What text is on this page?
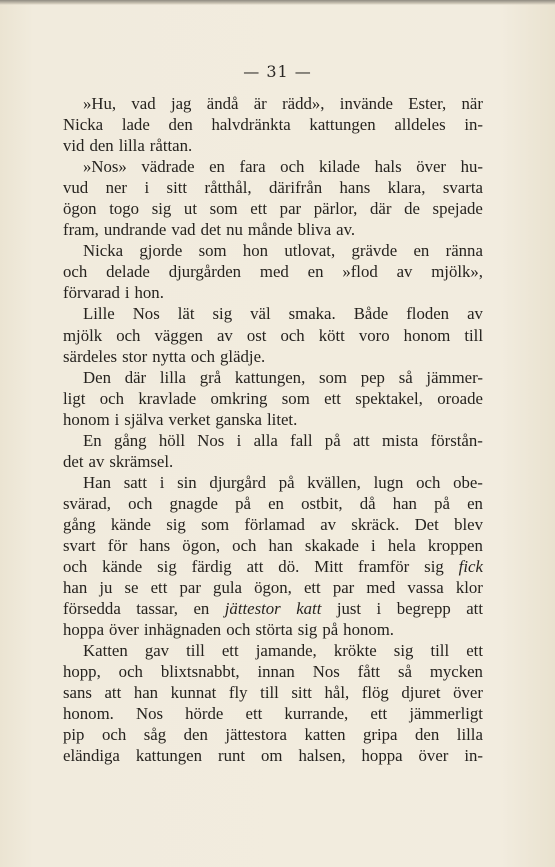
— 31 —
»Hu, vad jag ändå är rädd», invände Ester, när
Nicka lade den halvdränkta kattungen alldeles in-
vid den lilla råttan.
»Nos» vädrade en fara och kilade hals över hu-
vud ner i sitt råtthål, därifrån hans klara, svarta
ögon togo sig ut som ett par pärlor, där de spejade
fram, undrande vad det nu månde bliva av.
Nicka gjorde som hon utlovat, grävde en ränna
och delade djurgården med en »flod av mjölk»,
förvarad i hon.
Lille Nos lät sig väl smaka. Både floden av
mjölk och väggen av ost och kött voro honom till
särdeles stor nytta och glädje.
Den där lilla grå kattungen, som pep så jämmer-
ligt och kravlade omkring som ett spektakel, oroade
honom i själva verket ganska litet.
En gång höll Nos i alla fall på att mista förstån-
det av skrämsel.
Han satt i sin djurgård på kvällen, lugn och obe-
svärad, och gnagde på en ostbit, då han på en
gång kände sig som förlamad av skräck. Det blev
svart för hans ögon, och han skakade i hela kroppen
och kände sig färdig att dö. Mitt framför sig fick
han ju se ett par gula ögon, ett par med vassa klor
försedda tassar, en jättestor katt just i begrepp att
hoppa över inhägnaden och störta sig på honom.
Katten gav till ett jamande, krökte sig till ett
hopp, och blixtsnabbt, innan Nos fått så mycken
sans att han kunnat fly till sitt hål, flög djuret över
honom. Nos hörde ett kurrande, ett jämmerligt
pip och såg den jättestora katten gripa den lilla
eländiga kattungen runt om halsen, hoppa över in-
